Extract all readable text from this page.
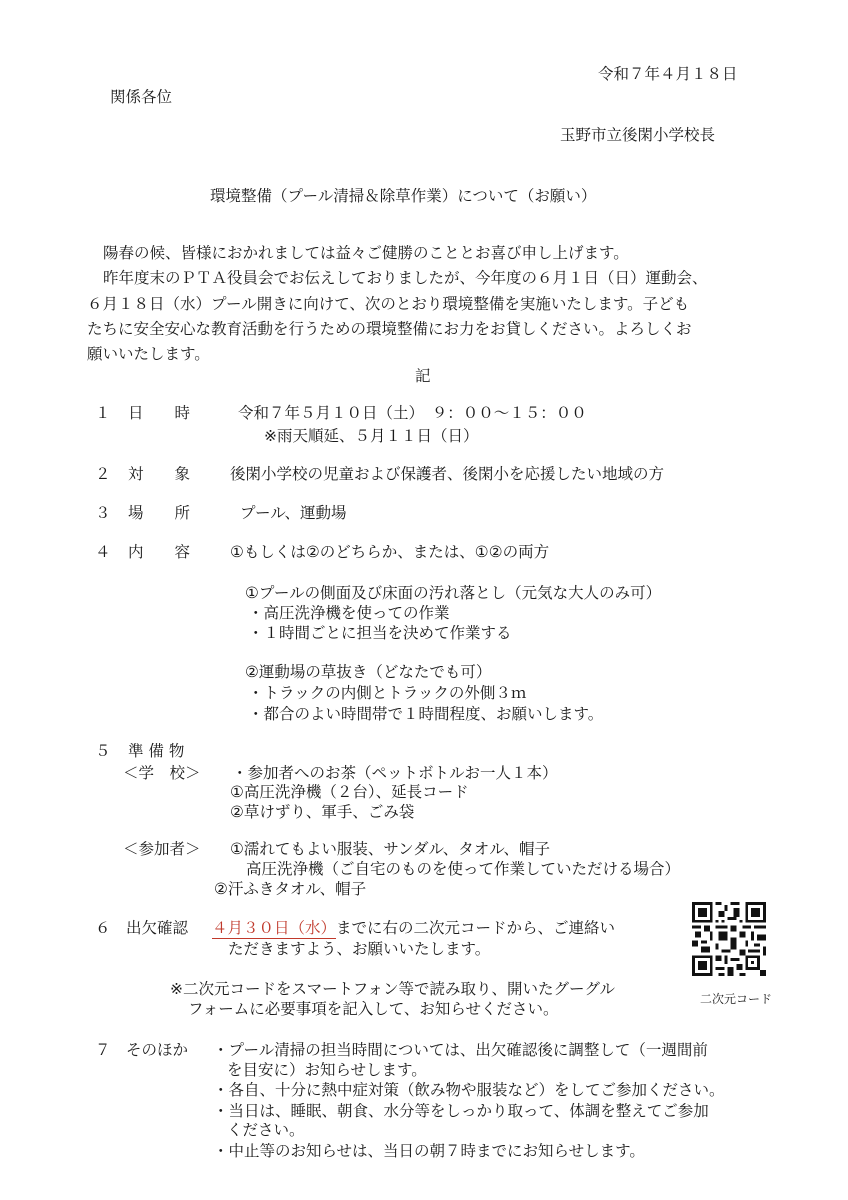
令和７年４月１８日
関係各位
玉野市立後閑小学校長
環境整備（プール清掃＆除草作業）について（お願い）
陽春の候、皆様におかれましては益々ご健勝のこととお喜び申し上げます。
昨年度末のＰＴＡ役員会でお伝えしておりましたが、今年度の６月１日（日）運動会、
６月１８日（水）プール開きに向けて、次のとおり環境整備を実施いたします。子ども
たちに安全安心な教育活動を行うための環境整備にお力をお貸しください。よろしくお
願いいたします。
記
１ 日　　時	令和７年５月１０日（土）　９：００～１５：００
※雨天順延、５月１１日（日）
２ 対　　象	後閑小学校の児童および保護者、後閑小を応援したい地域の方
３ 場　　所	プール、運動場
４ 内　　容	①もしくは②のどちらか、または、①②の両方
①プールの側面及び床面の汚れ落とし（元気な大人のみ可）
・高圧洗浄機を使っての作業
・１時間ごとに担当を決めて作業する
②運動場の草抜き（どなたでも可）
・トラックの内側とトラックの外側３ｍ
・都合のよい時間帯で１時間程度、お願いします。
５ 準 備 物
＜学　校＞ ・参加者へのお茶（ペットボトルお一人１本）
①高圧洗浄機（２台）、延長コード
②草けずり、軍手、ごみ袋
＜参加者＞ ①濡れてもよい服装、サンダル、タオル、帽子
高圧洗浄機（ご自宅のものを使って作業していただける場合）
②汗ふきタオル、帽子
６ 出欠確認 ４月３０日（水）までに右の二次元コードから、ご連絡い
ただきますよう、お願いいたします。
※二次元コードをスマートフォン等で読み取り、開いたグーグル
フォームに必要事項を記入して、お知らせください。
二次元コード
７ そのほか ・プール清掃の担当時間については、出欠確認後に調整して（一週間前
を目安に）お知らせします。
・各自、十分に熱中症対策（飲み物や服装など）をしてご参加ください。
・当日は、睡眠、朝食、水分等をしっかり取って、体調を整えてご参加
ください。
・中止等のお知らせは、当日の朝７時までにお知らせします。
